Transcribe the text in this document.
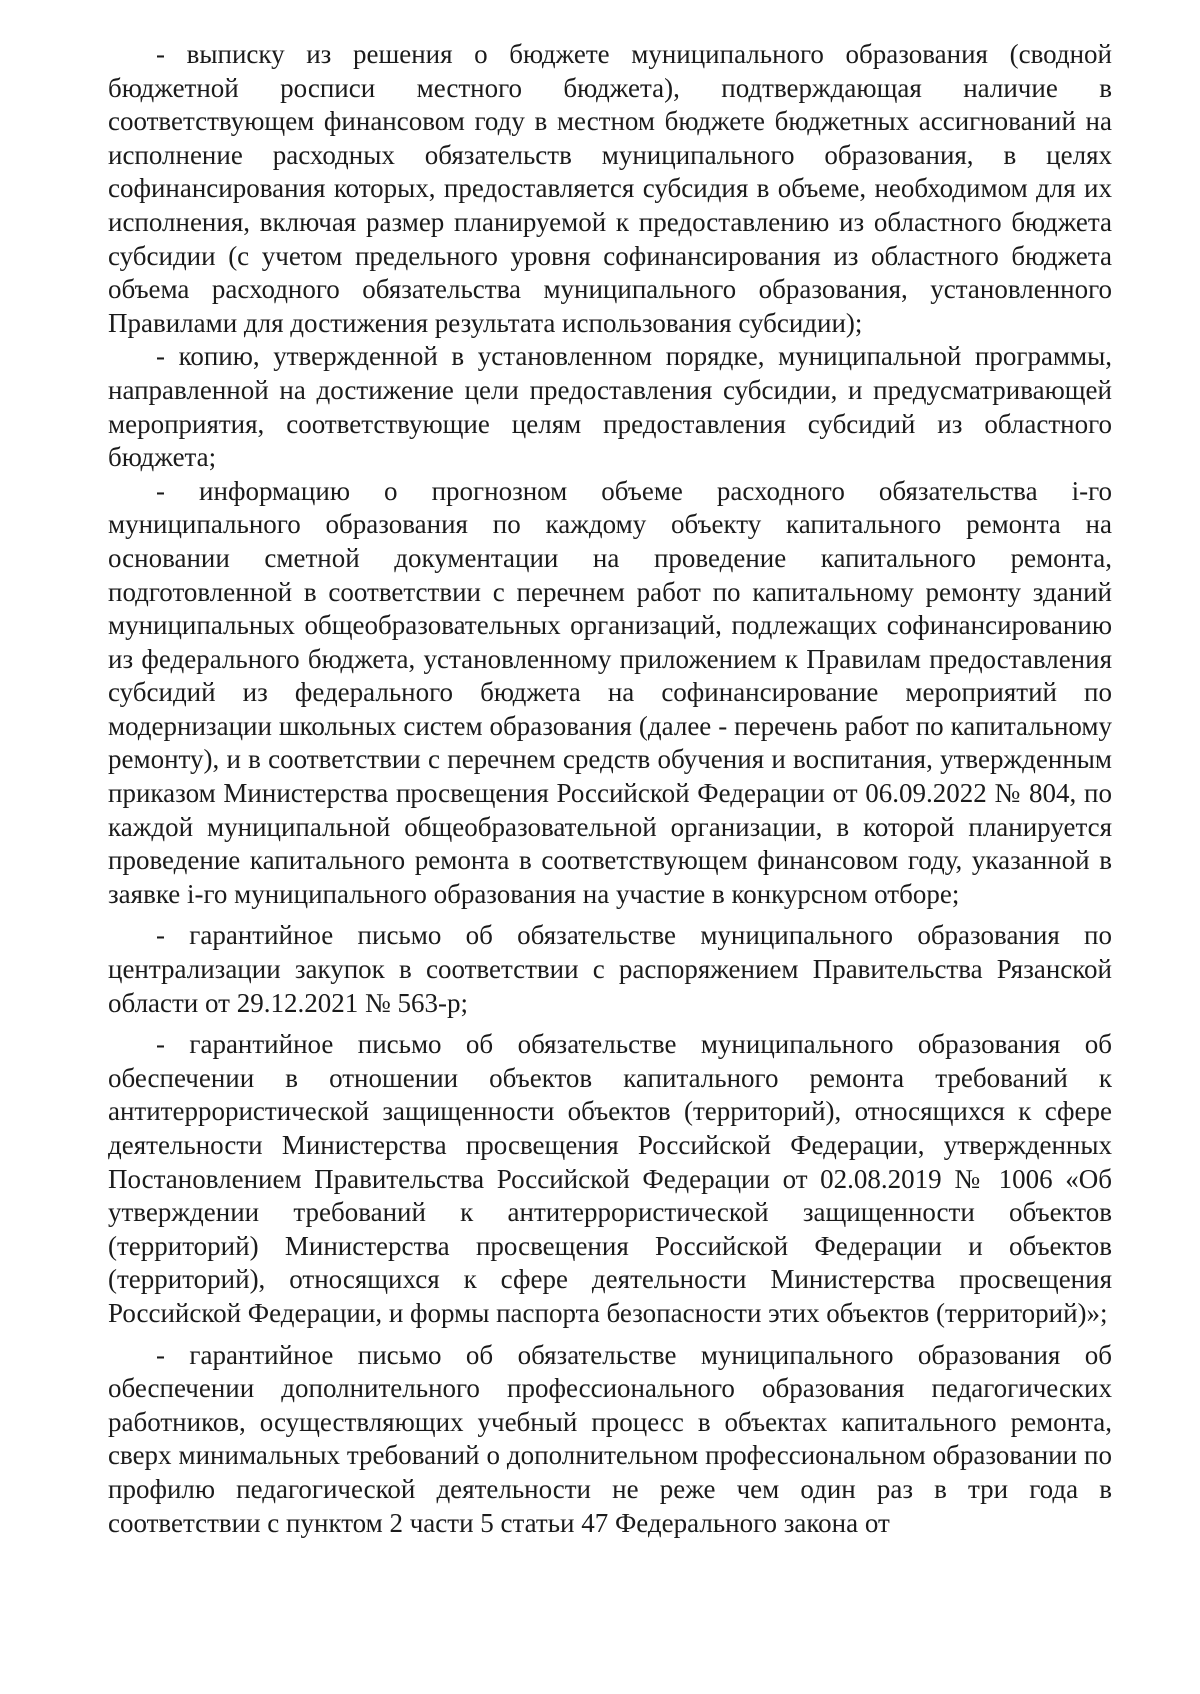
- выписку из решения о бюджете муниципального образования (сводной бюджетной росписи местного бюджета), подтверждающая наличие в соответствующем финансовом году в местном бюджете бюджетных ассигнований на исполнение расходных обязательств муниципального образования, в целях софинансирования которых, предоставляется субсидия в объеме, необходимом для их исполнения, включая размер планируемой к предоставлению из областного бюджета субсидии (с учетом предельного уровня софинансирования из областного бюджета объема расходного обязательства муниципального образования, установленного Правилами для достижения результата использования субсидии);

- копию, утвержденной в установленном порядке, муниципальной программы, направленной на достижение цели предоставления субсидии, и предусматривающей мероприятия, соответствующие целям предоставления субсидий из областного бюджета;

- информацию о прогнозном объеме расходного обязательства i-го муниципального образования по каждому объекту капитального ремонта на основании сметной документации на проведение капитального ремонта, подготовленной в соответствии с перечнем работ по капитальному ремонту зданий муниципальных общеобразовательных организаций, подлежащих софинансированию из федерального бюджета, установленному приложением к Правилам предоставления субсидий из федерального бюджета на софинансирование мероприятий по модернизации школьных систем образования (далее - перечень работ по капитальному ремонту), и в соответствии с перечнем средств обучения и воспитания, утвержденным приказом Министерства просвещения Российской Федерации от 06.09.2022 № 804, по каждой муниципальной общеобразовательной организации, в которой планируется проведение капитального ремонта в соответствующем финансовом году, указанной в заявке i-го муниципального образования на участие в конкурсном отборе;

- гарантийное письмо об обязательстве муниципального образования по централизации закупок в соответствии с распоряжением Правительства Рязанской области от 29.12.2021 № 563-р;

- гарантийное письмо об обязательстве муниципального образования об обеспечении в отношении объектов капитального ремонта требований к антитеррористической защищенности объектов (территорий), относящихся к сфере деятельности Министерства просвещения Российской Федерации, утвержденных Постановлением Правительства Российской Федерации от 02.08.2019 № 1006 «Об утверждении требований к антитеррористической защищенности объектов (территорий) Министерства просвещения Российской Федерации и объектов (территорий), относящихся к сфере деятельности Министерства просвещения Российской Федерации, и формы паспорта безопасности этих объектов (территорий)»;

- гарантийное письмо об обязательстве муниципального образования об обеспечении дополнительного профессионального образования педагогических работников, осуществляющих учебный процесс в объектах капитального ремонта, сверх минимальных требований о дополнительном профессиональном образовании по профилю педагогической деятельности не реже чем один раз в три года в соответствии с пунктом 2 части 5 статьи 47 Федерального закона от
